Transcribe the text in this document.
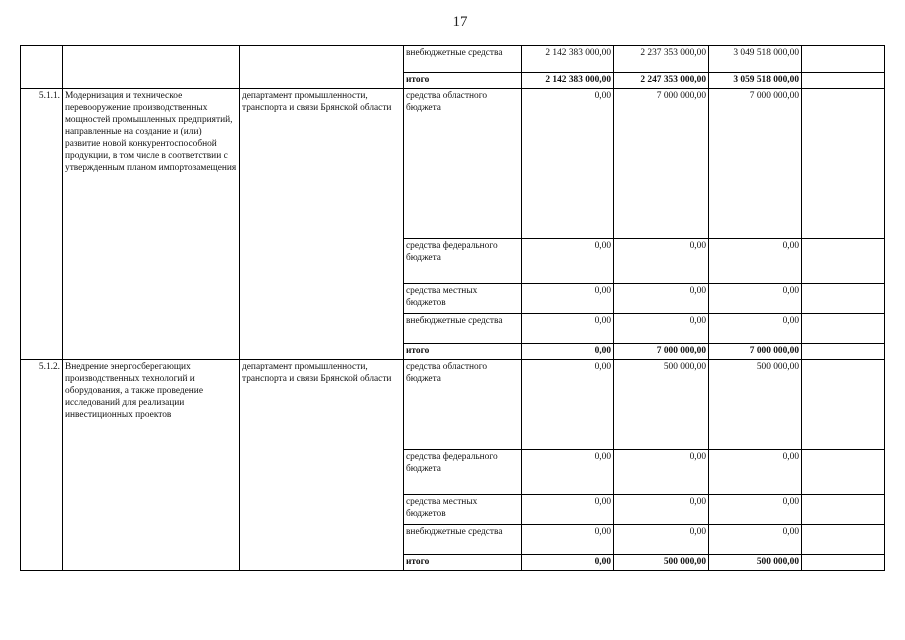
17
			внебюджетные средства	2 142 383 000,00	2 237 353 000,00	3 049 518 000,00	
			итого	2 142 383 000,00	2 247 353 000,00	3 059 518 000,00	
5.1.1.	Модернизация и техническое перевооружение производственных мощностей промышленных предприятий, направленные на создание и (или) развитие новой конкурентоспособной продукции, в том числе в соответствии с утвержденным планом импортозамещения	департамент промышленности, транспорта и связи Брянской области	средства областного бюджета	0,00	7 000 000,00	7 000 000,00	
			средства федерального бюджета	0,00	0,00	0,00	
			средства местных бюджетов	0,00	0,00	0,00	
			внебюджетные средства	0,00	0,00	0,00	
			итого	0,00	7 000 000,00	7 000 000,00	
5.1.2.	Внедрение энергосберегающих производственных технологий и оборудования, а также проведение исследований для реализации инвестиционных проектов	департамент промышленности, транспорта и связи Брянской области	средства областного бюджета	0,00	500 000,00	500 000,00	
			средства федерального бюджета	0,00	0,00	0,00	
			средства местных бюджетов	0,00	0,00	0,00	
			внебюджетные средства	0,00	0,00	0,00	
			итого	0,00	500 000,00	500 000,00	
